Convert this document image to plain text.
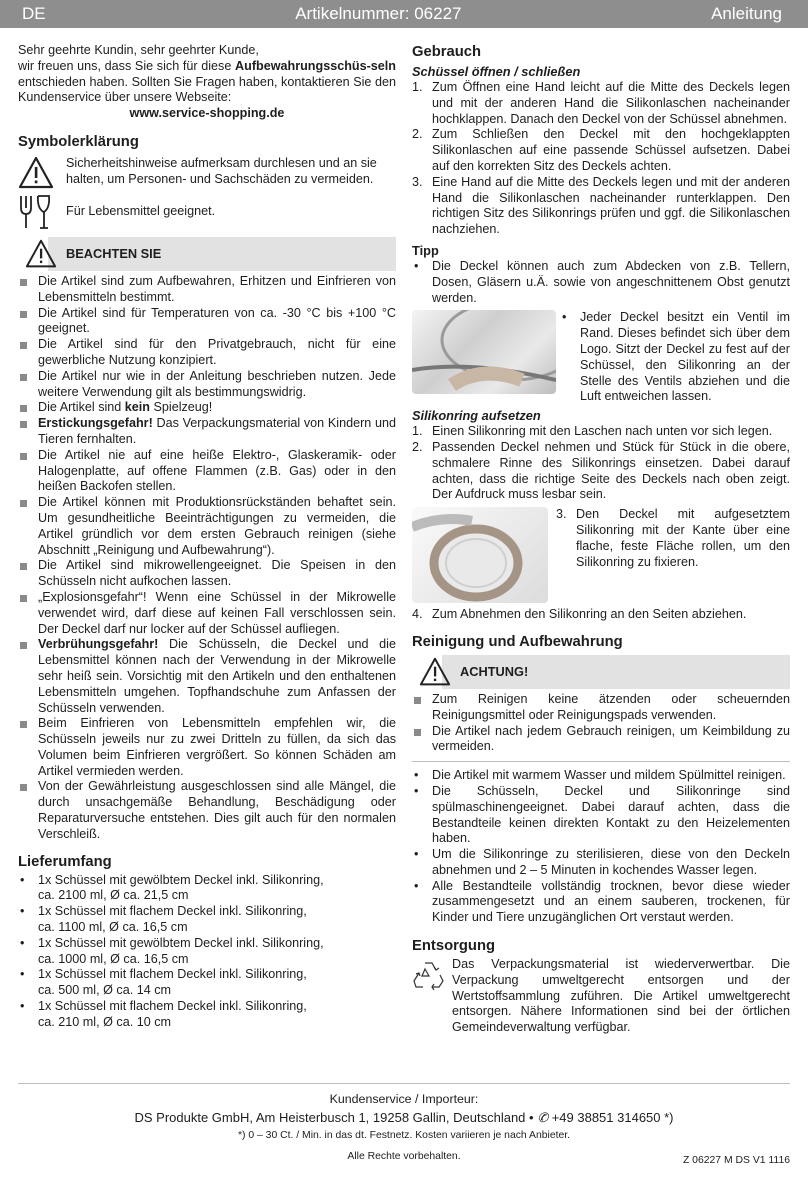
DE	Artikelnummer: 06227	Anleitung

Sehr geehrte Kundin, sehr geehrter Kunde,
wir freuen uns, dass Sie sich für diese Aufbewahrungsschüs-seln entschieden haben. Sollten Sie Fragen haben, kontaktieren Sie den Kundenservice über unsere Webseite:

www.service-shopping.de

Symbolerklärung

Sicherheitshinweise aufmerksam durchlesen und an sie halten, um Personen- und Sachschäden zu vermeiden.

Für Lebensmittel geeignet.

BEACHTEN SIE
Die Artikel sind zum Aufbewahren, Erhitzen und Einfrieren von Lebensmitteln bestimmt.
Die Artikel sind für Temperaturen von ca. -30 °C bis +100 °C geeignet.
Die Artikel sind für den Privatgebrauch, nicht für eine gewerbliche Nutzung konzipiert.
Die Artikel nur wie in der Anleitung beschrieben nutzen. Jede weitere Verwendung gilt als bestimmungswidrig.
Die Artikel sind kein Spielzeug!
Erstickungsgefahr! Das Verpackungsmaterial von Kindern und Tieren fernhalten.
Die Artikel nie auf eine heiße Elektro-, Glaskeramik- oder Halogenplatte, auf offene Flammen (z.B. Gas) oder in den heißen Backofen stellen.
Die Artikel können mit Produktionsrückständen behaftet sein. Um gesundheitliche Beeinträchtigungen zu vermeiden, die Artikel gründlich vor dem ersten Gebrauch reinigen (siehe Abschnitt „Reinigung und Aufbewahrung“).
Die Artikel sind mikrowellengeeignet. Die Speisen in den Schüsseln nicht aufkochen lassen.
„Explosionsgefahr“! Wenn eine Schüssel in der Mikrowelle verwendet wird, darf diese auf keinen Fall verschlossen sein. Der Deckel darf nur locker auf der Schüssel aufliegen.
Verbrühungsgefahr! Die Schüsseln, die Deckel und die Lebensmittel können nach der Verwendung in der Mikrowelle sehr heiß sein. Vorsichtig mit den Artikeln und den enthaltenen Lebensmitteln umgehen. Topfhandschuhe zum Anfassen der Schüsseln verwenden.
Beim Einfrieren von Lebensmitteln empfehlen wir, die Schüsseln jeweils nur zu zwei Dritteln zu füllen, da sich das Volumen beim Einfrieren vergrößert. So können Schäden am Artikel vermieden werden.
Von der Gewährleistung ausgeschlossen sind alle Mängel, die durch unsachgemäße Behandlung, Beschädigung oder Reparaturversuche entstehen. Dies gilt auch für den normalen Verschleiß.
Lieferumfang
• 1x Schüssel mit gewölbtem Deckel inkl. Silikonring,
ca. 2100 ml, Ø ca. 21,5 cm
• 1x Schüssel mit flachem Deckel inkl. Silikonring,
ca. 1100 ml, Ø ca. 16,5 cm
• 1x Schüssel mit gewölbtem Deckel inkl. Silikonring,
ca. 1000 ml, Ø ca. 16,5 cm
• 1x Schüssel mit flachem Deckel inkl. Silikonring,
ca. 500 ml, Ø ca. 14 cm
• 1x Schüssel mit flachem Deckel inkl. Silikonring,
ca. 210 ml, Ø ca. 10 cm
Gebrauch
Schüssel öffnen / schließen
1. Zum Öffnen eine Hand leicht auf die Mitte des Deckels legen und mit der anderen Hand die Silikonlaschen nacheinander hochklappen. Danach den Deckel von der Schüssel abnehmen.
2. Zum Schließen den Deckel mit den hochgeklappten Silikonlaschen auf eine passende Schüssel aufsetzen. Dabei auf den korrekten Sitz des Deckels achten.
3. Eine Hand auf die Mitte des Deckels legen und mit der anderen Hand die Silikonlaschen nacheinander runterklappen. Den richtigen Sitz des Silikonrings prüfen und ggf. die Silikonlaschen nachziehen.
Tipp
• Die Deckel können auch zum Abdecken von z.B. Tellern, Dosen, Gläsern u.Ä. sowie von angeschnittenem Obst genutzt werden.
• Jeder Deckel besitzt ein Ventil im Rand. Dieses befindet sich über dem Logo. Sitzt der Deckel zu fest auf der Schüssel, den Silikonring an der Stelle des Ventils abziehen und die Luft entweichen lassen.
Silikonring aufsetzen
1. Einen Silikonring mit den Laschen nach unten vor sich legen.
2. Passenden Deckel nehmen und Stück für Stück in die obere, schmalere Rinne des Silikonrings einsetzen. Dabei darauf achten, dass die richtige Seite des Deckels nach oben zeigt. Der Aufdruck muss lesbar sein.
3. Den Deckel mit aufgesetztem Silikonring mit der Kante über eine flache, feste Fläche rollen, um den Silikonring zu fixieren.
4. Zum Abnehmen den Silikonring an den Seiten abziehen.
Reinigung und Aufbewahrung
ACHTUNG!
Zum Reinigen keine ätzenden oder scheuernden Reinigungsmittel oder Reinigungspads verwenden.
Die Artikel nach jedem Gebrauch reinigen, um Keimbildung zu vermeiden.
• Die Artikel mit warmem Wasser und mildem Spülmittel reinigen.
• Die Schüsseln, Deckel und Silikonringe sind spülmaschinengeeignet. Dabei darauf achten, dass die Bestandteile keinen direkten Kontakt zu den Heizelementen haben.
• Um die Silikonringe zu sterilisieren, diese von den Deckeln abnehmen und 2 – 5 Minuten in kochendes Wasser legen.
• Alle Bestandteile vollständig trocknen, bevor diese wieder zusammengesetzt und an einem sauberen, trockenen, für Kinder und Tiere unzugänglichen Ort verstaut werden.
Entsorgung

Das Verpackungsmaterial ist wiederverwertbar. Die Verpackung umweltgerecht entsorgen und der Wertstoffsammlung zuführen. Die Artikel umweltgerecht entsorgen. Nähere Informationen sind bei der örtlichen Gemeindeverwaltung verfügbar.

Kundenservice / Importeur:

DS Produkte GmbH, Am Heisterbusch 1, 19258 Gallin, Deutschland • ✆ +49 38851 314650 *)

*) 0 – 30 Ct. / Min. in das dt. Festnetz. Kosten variieren je nach Anbieter.

Alle Rechte vorbehalten.	Z 06227 M DS V1 1116
